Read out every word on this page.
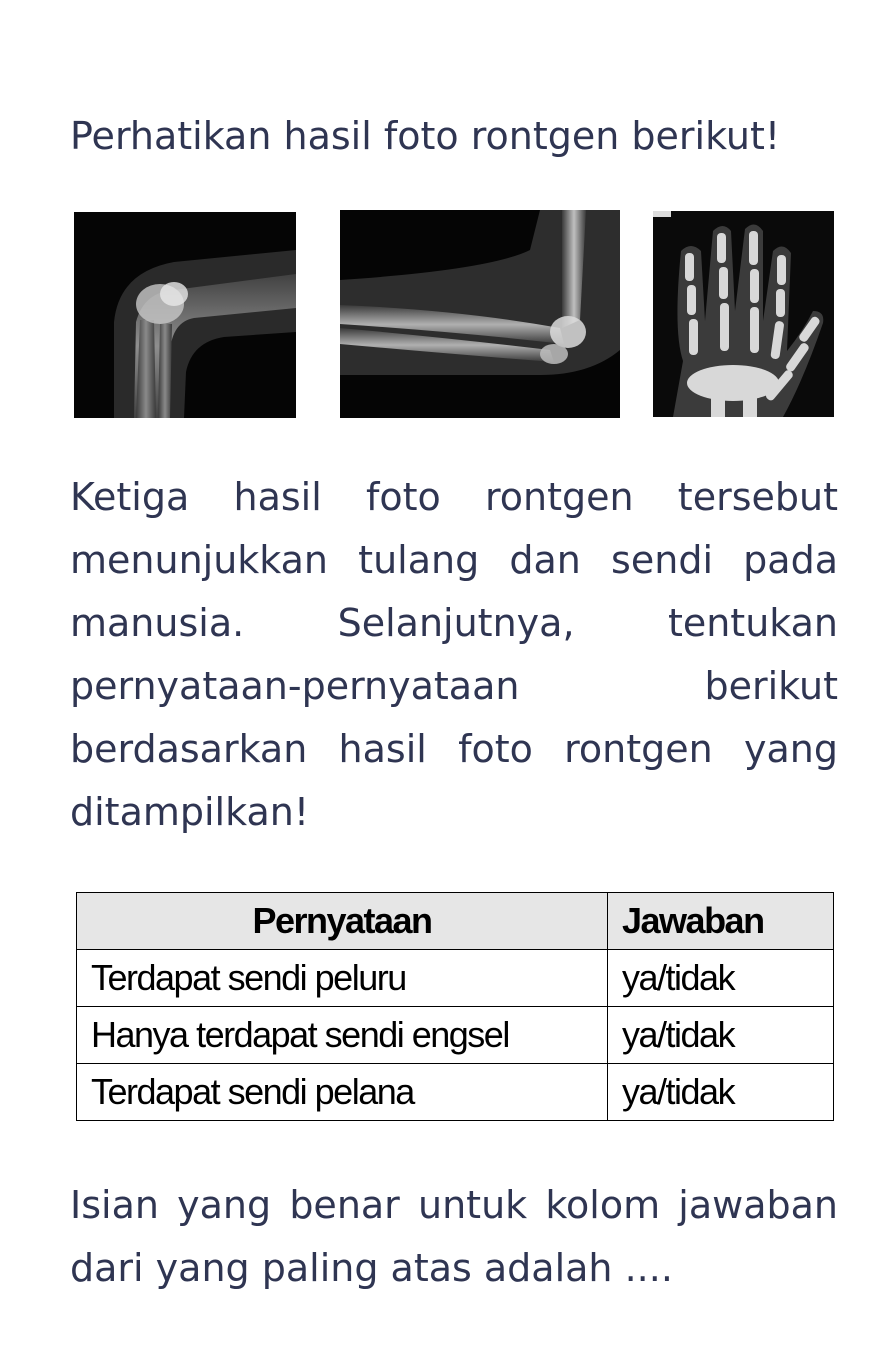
Perhatikan hasil foto rontgen berikut!

Ketiga hasil foto rontgen tersebut menunjukkan tulang dan sendi pada manusia. Selanjutnya, tentukan pernyataan-pernyataan berikut berdasarkan hasil foto rontgen yang ditampilkan!

Pernyataan	Jawaban
Terdapat sendi peluru	ya/tidak
Hanya terdapat sendi engsel	ya/tidak
Terdapat sendi pelana	ya/tidak

Isian yang benar untuk kolom jawaban dari yang paling atas adalah ....
